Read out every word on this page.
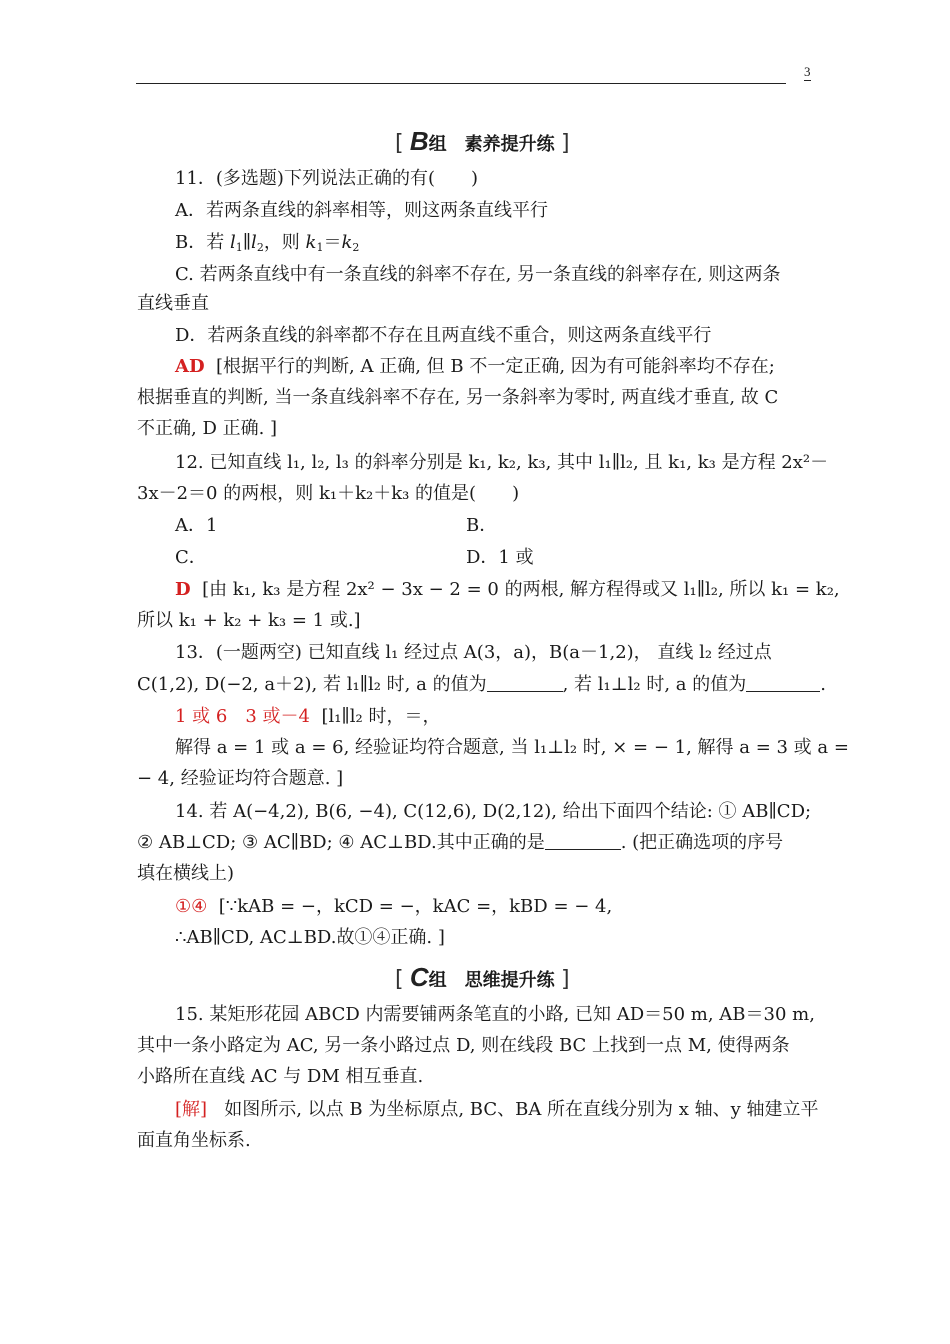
3
[ B组　素养提升练 ]
11．(多选题)下列说法正确的有(　　)
A．若两条直线的斜率相等，则这两条直线平行
B．若 $l_1\parallel l_2$，则 $k_1=k_2$
C. 若两条直线中有一条直线的斜率不存在, 另一条直线的斜率存在, 则这两条
直线垂直
D．若两条直线的斜率都不存在且两直线不重合，则这两条直线平行
AD [根据平行的判断, A 正确, 但 B 不一定正确, 因为有可能斜率均不存在;
根据垂直的判断, 当一条直线斜率不存在, 另一条斜率为零时, 两直线才垂直, 故 C
不正确, D 正确. ]
12. 已知直线 l₁, l₂, l₃ 的斜率分别是 k₁, k₂, k₃, 其中 l₁∥l₂, 且 k₁, k₃ 是方程 2x²－
3x－2＝0 的两根，则 k₁＋k₂＋k₃ 的值是(　　)
A．1	B．
C．	D．1 或
D [由 k₁, k₃ 是方程 2x² − 3x − 2 = 0 的两根, 解方程得或又 l₁∥l₂, 所以 k₁ = k₂,
所以 k₁ + k₂ + k₃ = 1 或.]
13．(一题两空) 已知直线 l₁ 经过点 A(3，a)，B(a－1,2)， 直线 l₂ 经过点
C(1,2), D(−2, a＋2), 若 l₁∥l₂ 时, a 的值为	, 若 l₁⊥l₂ 时, a 的值为	.
1 或 6　3 或－4 [l₁∥l₂ 时，＝，
解得 a = 1 或 a = 6, 经验证均符合题意, 当 l₁⊥l₂ 时, × = − 1, 解得 a = 3 或 a =
− 4, 经验证均符合题意. ]
14. 若 A(−4,2), B(6, −4), C(12,6), D(2,12), 给出下面四个结论: ① AB∥CD;
② AB⊥CD; ③ AC∥BD; ④ AC⊥BD.其中正确的是	. (把正确选项的序号
填在横线上)
①④ [∵kAB = −，kCD = −，kAC =，kBD = − 4,
∴AB∥CD, AC⊥BD.故①④正确. ]
[ C组　思维提升练 ]
15. 某矩形花园 ABCD 内需要铺两条笔直的小路, 已知 AD＝50 m, AB＝30 m,
其中一条小路定为 AC, 另一条小路过点 D, 则在线段 BC 上找到一点 M, 使得两条
小路所在直线 AC 与 DM 相互垂直.
[解] 如图所示, 以点 B 为坐标原点, BC、BA 所在直线分别为 x 轴、y 轴建立平
面直角坐标系.
